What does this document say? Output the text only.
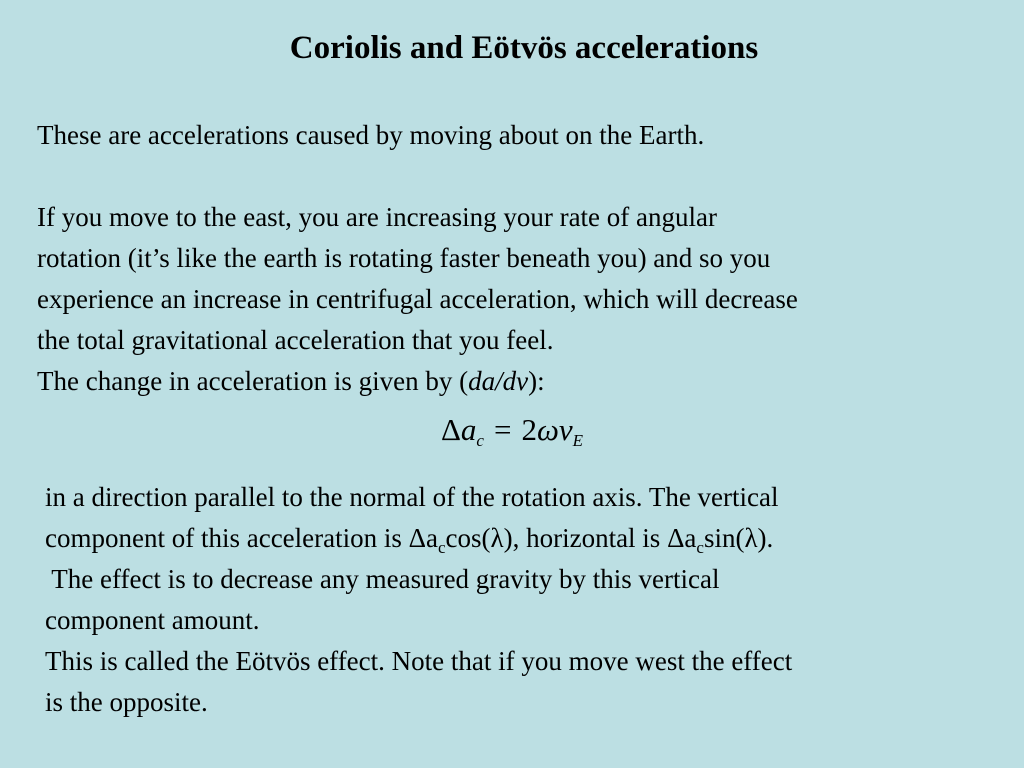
Coriolis and Eötvös accelerations
These are accelerations caused by moving about on the Earth.
If you move to the east, you are increasing your rate of angular
rotation (it’s like the earth is rotating faster beneath you) and so you
experience an increase in centrifugal acceleration, which will decrease
the total gravitational acceleration that you feel.
The change in acceleration is given by (da/dv):
$\Delta a_c = 2\omega v_E$
in a direction parallel to the normal of the rotation axis. The vertical
component of this acceleration is $\Delta a_c\cos(\lambda)$, horizontal is $\Delta a_c\sin(\lambda)$.
The effect is to decrease any measured gravity by this vertical
component amount.
This is called the Eötvös effect. Note that if you move west the effect
is the opposite.
